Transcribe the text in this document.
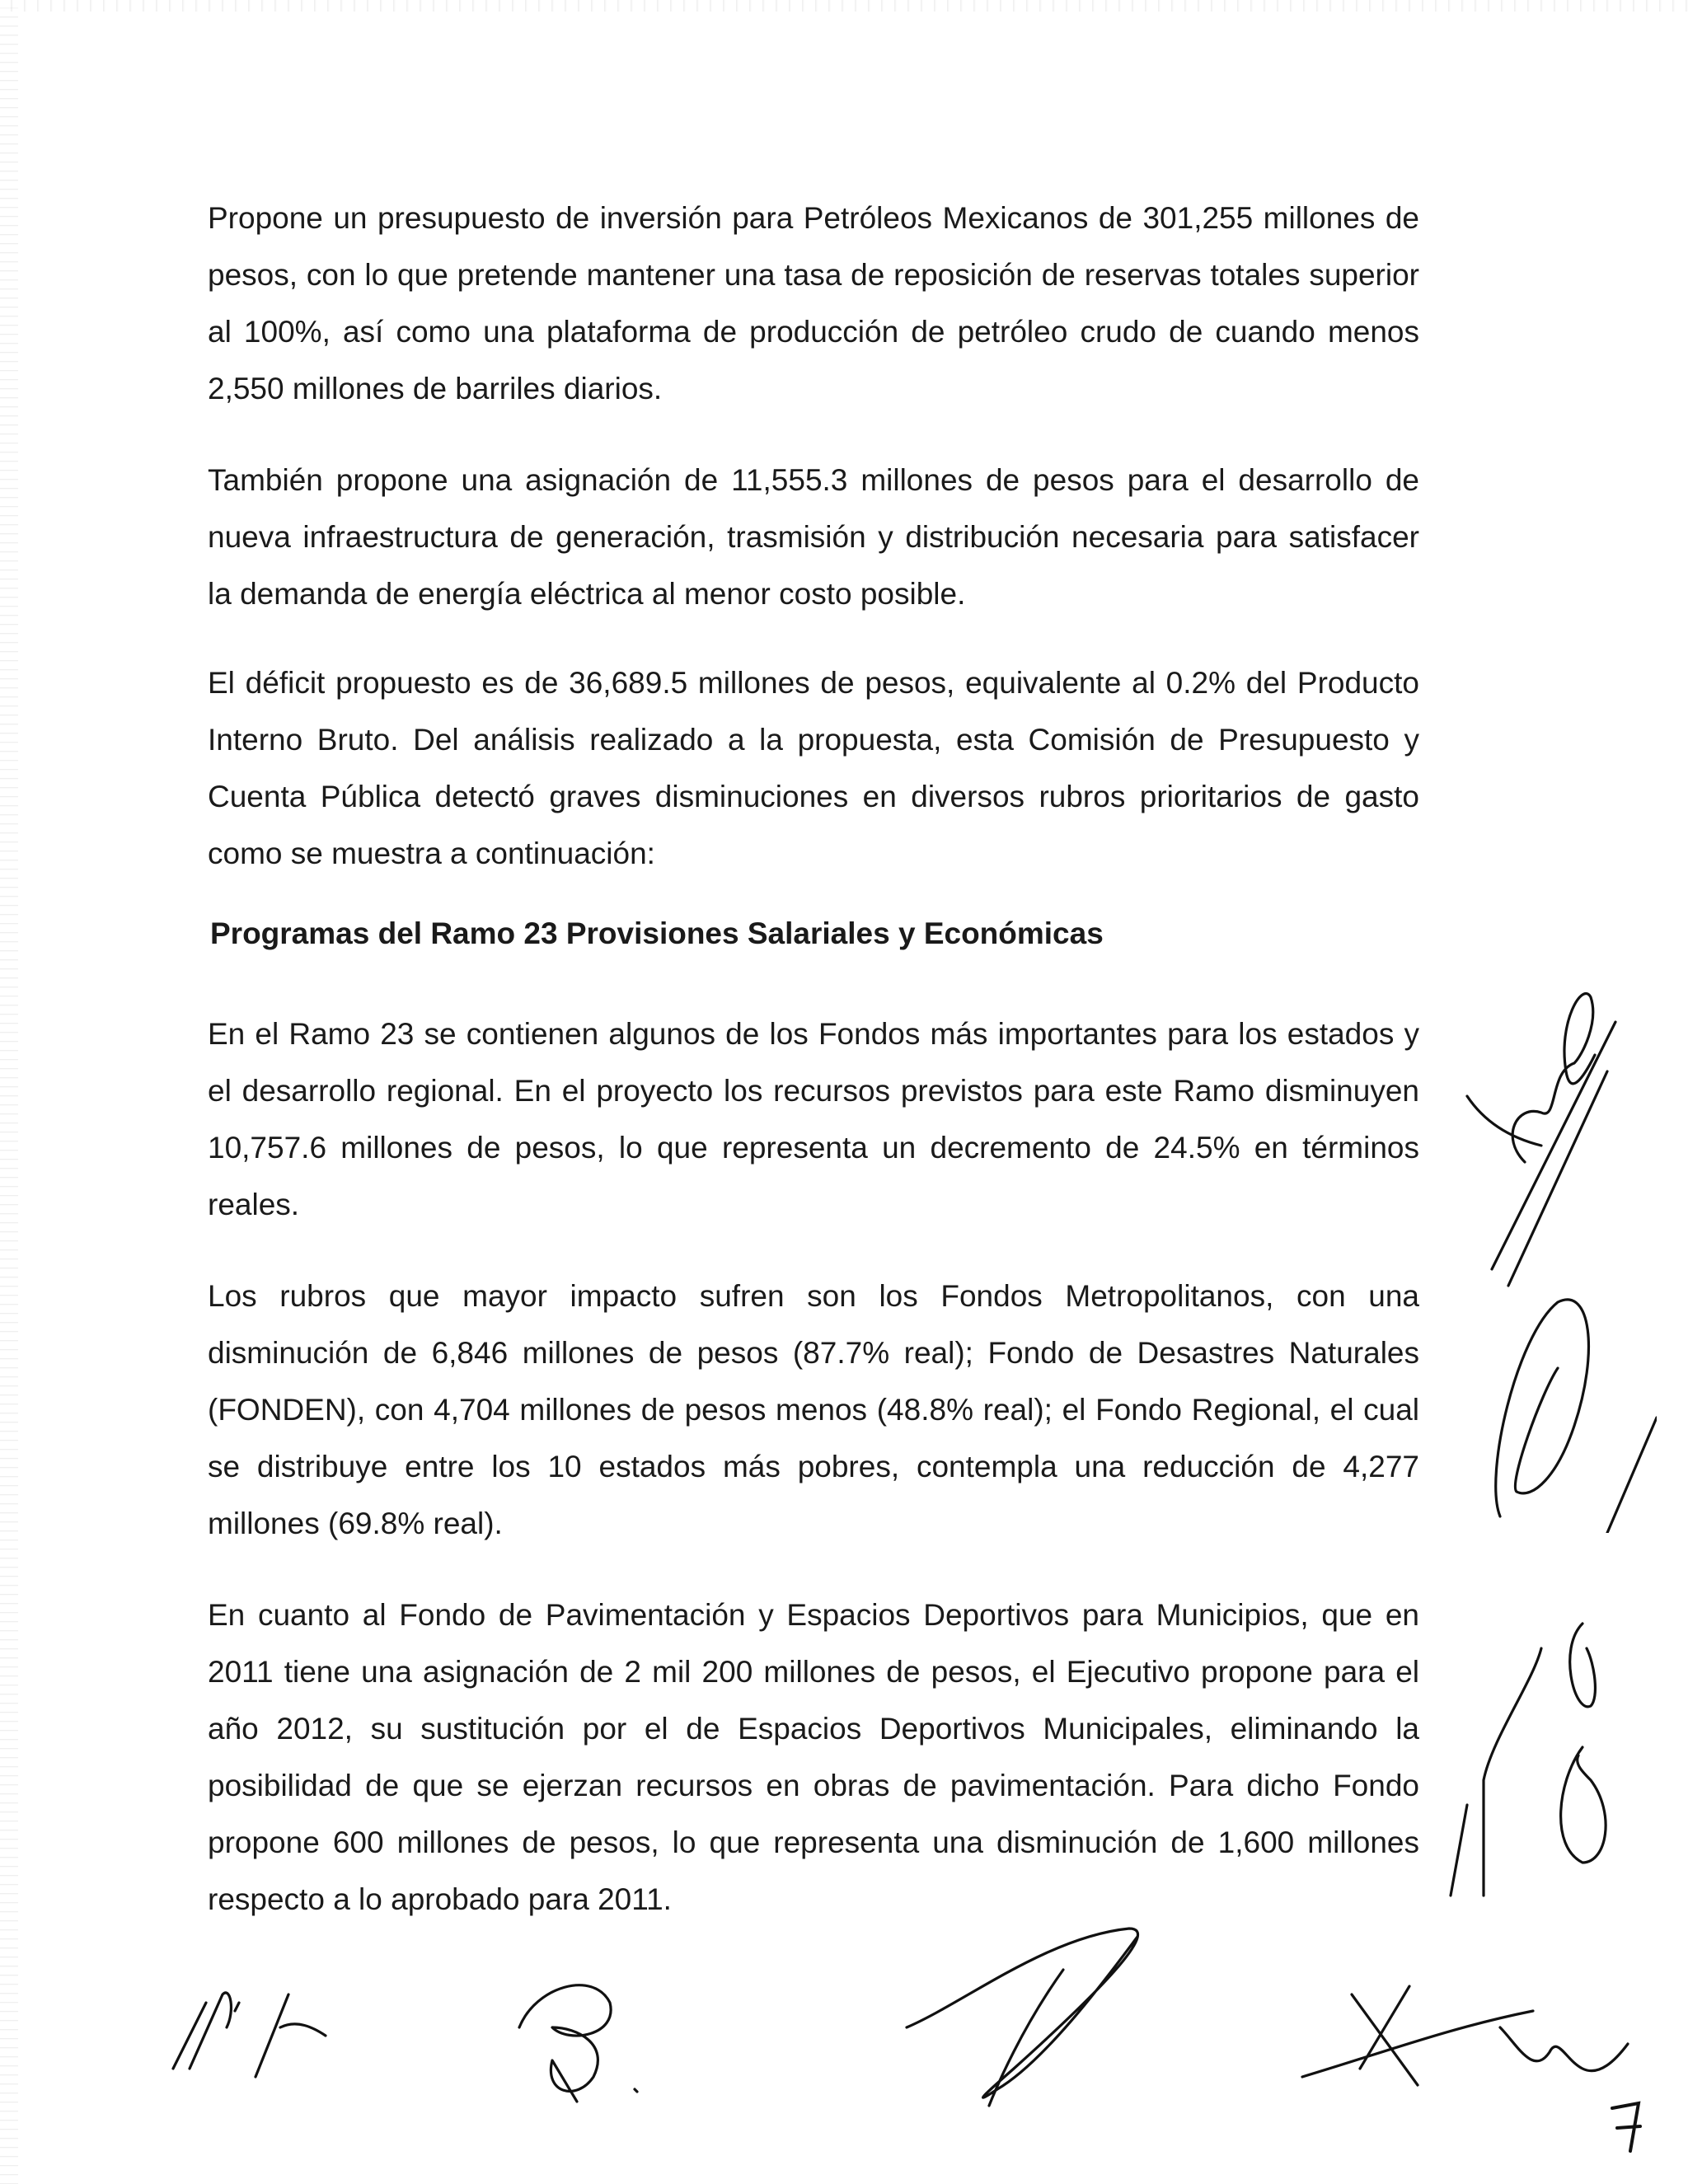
Propone un presupuesto de inversión para Petróleos Mexicanos de 301,255 millones de pesos, con lo que pretende mantener una tasa de reposición de reservas totales superior al 100%, así como una plataforma de producción de petróleo crudo de cuando menos 2,550 millones de barriles diarios.

También propone una asignación de 11,555.3 millones de pesos para el desarrollo de nueva infraestructura de generación, trasmisión y distribución necesaria para satisfacer la demanda de energía eléctrica al menor costo posible.

El déficit propuesto es de 36,689.5 millones de pesos, equivalente al 0.2% del Producto Interno Bruto. Del análisis realizado a la propuesta, esta Comisión de Presupuesto y Cuenta Pública detectó graves disminuciones en diversos rubros prioritarios de gasto como se muestra a continuación:

Programas del Ramo 23 Provisiones Salariales y Económicas

En el Ramo 23 se contienen algunos de los Fondos más importantes para los estados y el desarrollo regional. En el proyecto los recursos previstos para este Ramo disminuyen 10,757.6 millones de pesos, lo que representa un decremento de 24.5% en términos reales.

Los rubros que mayor impacto sufren son los Fondos Metropolitanos, con una disminución de 6,846 millones de pesos (87.7% real); Fondo de Desastres Naturales (FONDEN), con 4,704 millones de pesos menos (48.8% real); el Fondo Regional, el cual se distribuye entre los 10 estados más pobres, contempla una reducción de 4,277 millones (69.8% real).

En cuanto al Fondo de Pavimentación y Espacios Deportivos para Municipios, que en 2011 tiene una asignación de 2 mil 200 millones de pesos, el Ejecutivo propone para el año 2012, su sustitución por el de Espacios Deportivos Municipales, eliminando la posibilidad de que se ejerzan recursos en obras de pavimentación. Para dicho Fondo propone 600 millones de pesos, lo que representa una disminución de 1,600 millones respecto a lo aprobado para 2011.
